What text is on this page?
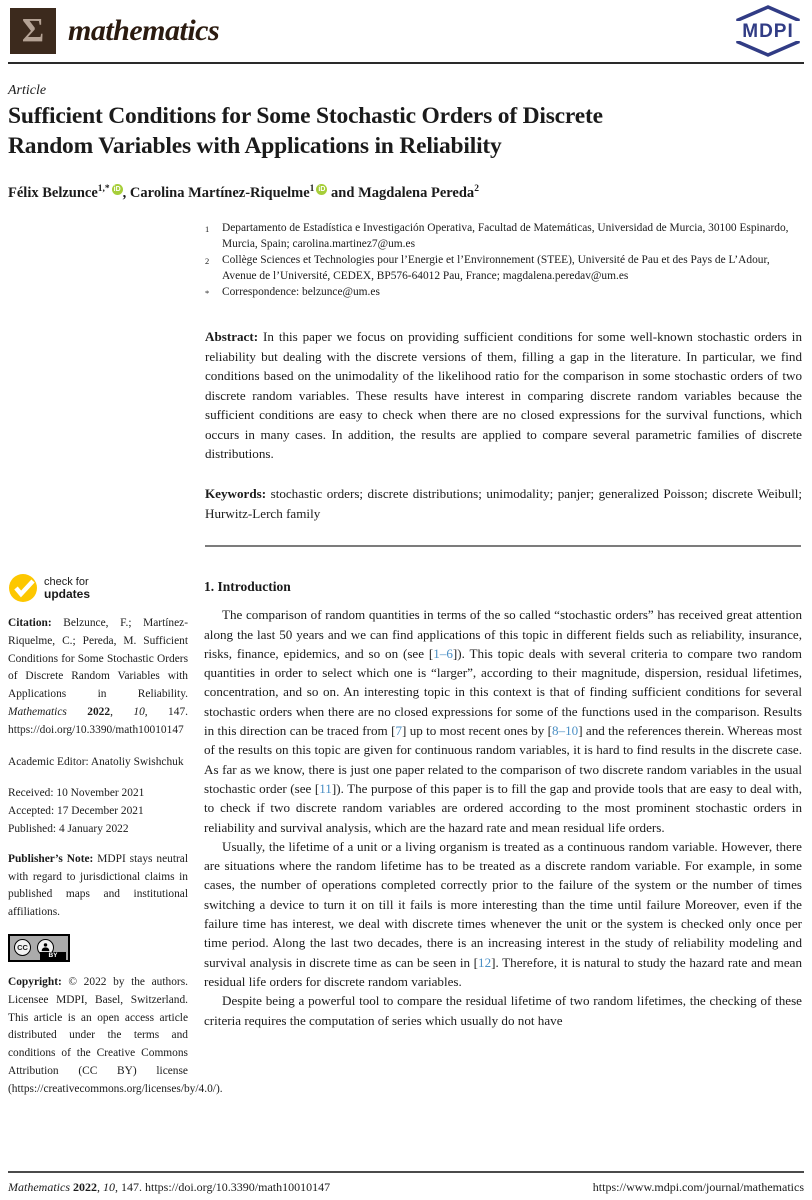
Σ mathematics	MDPI
Article
Sufficient Conditions for Some Stochastic Orders of Discrete
Random Variables with Applications in Reliability
Félix Belzunce$^{1,*}$ iD , Carolina Martínez-Riquelme$^1$ iD and Magdalena Pereda$^2$
1	Departamento de Estadística e Investigación Operativa, Facultad de Matemáticas, Universidad de Murcia, 30100 Espinardo, Murcia, Spain; carolina.martinez7@um.es
2	Collège Sciences et Technologies pour l’Energie et l’Environnement (STEE), Université de Pau et des Pays de L’Adour, Avenue de l’Université, CEDEX, BP576-64012 Pau, France; magdalena.peredav@um.es
*	Correspondence: belzunce@um.es
Abstract: In this paper we focus on providing sufficient conditions for some well-known stochastic orders in reliability but dealing with the discrete versions of them, filling a gap in the literature. In particular, we find conditions based on the unimodality of the likelihood ratio for the comparison in some stochastic orders of two discrete random variables. These results have interest in comparing discrete random variables because the sufficient conditions are easy to check when there are no closed expressions for the survival functions, which occurs in many cases. In addition, the results are applied to compare several parametric families of discrete distributions.
Keywords: stochastic orders; discrete distributions; unimodality; panjer; generalized Poisson; discrete Weibull; Hurwitz-Lerch family
check for
updates
Citation: Belzunce, F.; Martínez-Riquelme, C.; Pereda, M. Sufficient Conditions for Some Stochastic Orders of Discrete Random Variables with Applications in Reliability. Mathematics 2022, 10, 147. https://doi.org/10.3390/math10010147
Academic Editor: Anatoliy Swishchuk
Received: 10 November 2021
Accepted: 17 December 2021
Published: 4 January 2022
Publisher’s Note: MDPI stays neutral with regard to jurisdictional claims in published maps and institutional affiliations.
CC
BY
Copyright: © 2022 by the authors. Licensee MDPI, Basel, Switzerland. This article is an open access article distributed under the terms and conditions of the Creative Commons Attribution (CC BY) license (https://creativecommons.org/licenses/by/4.0/).
1. Introduction

The comparison of random quantities in terms of the so called “stochastic orders” has received great attention along the last 50 years and we can find applications of this topic in different fields such as reliability, insurance, risks, finance, epidemics, and so on (see [1–6]). This topic deals with several criteria to compare two random quantities in order to select which one is “larger”, according to their magnitude, dispersion, residual lifetimes, concentration, and so on. An interesting topic in this context is that of finding sufficient conditions for several stochastic orders when there are no closed expressions for some of the functions used in the comparison. Results in this direction can be traced from [7] up to most recent ones by [8–10] and the references therein. Whereas most of the results on this topic are given for continuous random variables, it is hard to find results in the discrete case. As far as we know, there is just one paper related to the comparison of two discrete random variables in the usual stochastic order (see [11]). The purpose of this paper is to fill the gap and provide tools that are easy to deal with, to check if two discrete random variables are ordered according to the most prominent stochastic orders in reliability and survival analysis, which are the hazard rate and mean residual life orders.

Usually, the lifetime of a unit or a living organism is treated as a continuous random variable. However, there are situations where the random lifetime has to be treated as a discrete random variable. For example, in some cases, the number of operations completed correctly prior to the failure of the system or the number of times switching a device to turn it on till it fails is more interesting than the time until failure Moreover, even if the failure time has interest, we deal with discrete times whenever the unit or the system is checked only once per time period. Along the last two decades, there is an increasing interest in the study of reliability modeling and survival analysis in discrete time as can be seen in [12]. Therefore, it is natural to study the hazard rate and mean residual life orders for discrete random variables.

Despite being a powerful tool to compare the residual lifetime of two random lifetimes, the checking of these criteria requires the computation of series which usually do not have

Mathematics 2022, 10, 147. https://doi.org/10.3390/math10010147	https://www.mdpi.com/journal/mathematics
